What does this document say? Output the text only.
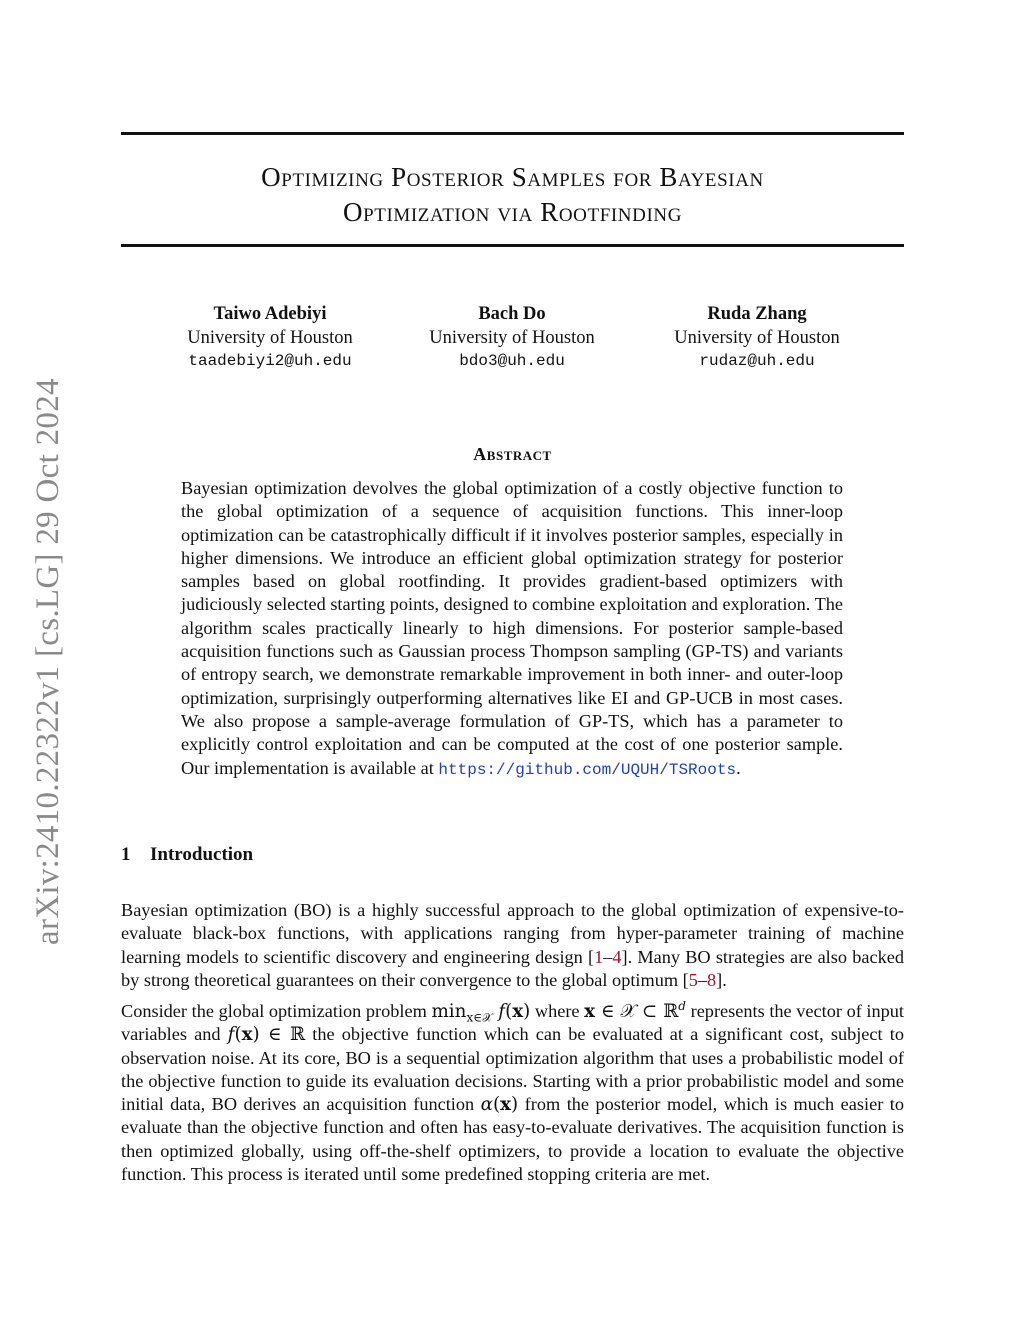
arXiv:2410.22322v1 [cs.LG] 29 Oct 2024
Optimizing Posterior Samples for Bayesian
Optimization via Rootfinding
Taiwo Adebiyi
University of Houston
taadebiyi2@uh.edu
Bach Do
University of Houston
bdo3@uh.edu
Ruda Zhang
University of Houston
rudaz@uh.edu
Abstract
Bayesian optimization devolves the global optimization of a costly objective function to the global optimization of a sequence of acquisition functions. This inner-loop optimization can be catastrophically difficult if it involves posterior samples, especially in higher dimensions. We introduce an efficient global optimization strategy for posterior samples based on global rootfinding. It provides gradient-based optimizers with judiciously selected starting points, designed to combine exploitation and exploration. The algorithm scales practically linearly to high dimensions. For posterior sample-based acquisition functions such as Gaussian process Thompson sampling (GP-TS) and variants of entropy search, we demonstrate remarkable improvement in both inner- and outer-loop optimization, surprisingly outperforming alternatives like EI and GP-UCB in most cases. We also propose a sample-average formulation of GP-TS, which has a parameter to explicitly control exploitation and can be computed at the cost of one posterior sample. Our implementation is available at https://github.com/UQUH/TSRoots.
1 Introduction
Bayesian optimization (BO) is a highly successful approach to the global optimization of expensive-to-evaluate black-box functions, with applications ranging from hyper-parameter training of machine learning models to scientific discovery and engineering design [1–4]. Many BO strategies are also backed by strong theoretical guarantees on their convergence to the global optimum [5–8].
Consider the global optimization problem $\min_{x\in 𝒳} f(x)$ where x ∈ 𝒳 ⊂ ℝ$^d$ represents the vector of input variables and f(x) ∈ ℝ the objective function which can be evaluated at a significant cost, subject to observation noise. At its core, BO is a sequential optimization algorithm that uses a probabilistic model of the objective function to guide its evaluation decisions. Starting with a prior probabilistic model and some initial data, BO derives an acquisition function α(x) from the posterior model, which is much easier to evaluate than the objective function and often has easy-to-evaluate derivatives. The acquisition function is then optimized globally, using off-the-shelf optimizers, to provide a location to evaluate the objective function. This process is iterated until some predefined stopping criteria are met.
